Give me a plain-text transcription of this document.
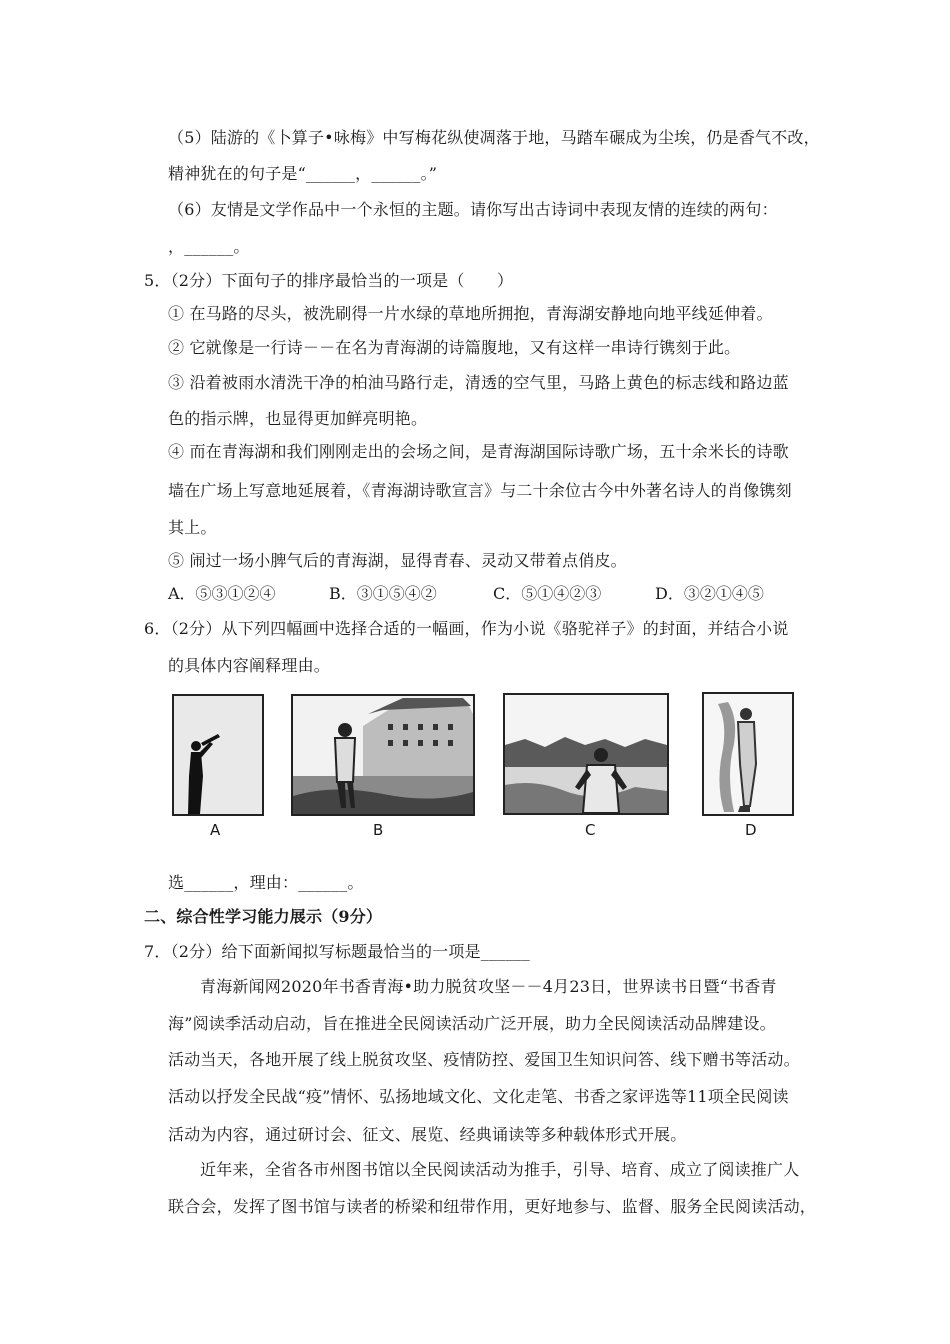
（5）陆游的《卜算子•咏梅》中写梅花纵使凋落于地，马踏车碾成为尘埃，仍是香气不改，
精神犹在的句子是“______，______。”
（6）友情是文学作品中一个永恒的主题。请你写出古诗词中表现友情的连续的两句：
，______。
5．（2分）下面句子的排序最恰当的一项是（　　）
① 在马路的尽头，被洗刷得一片水绿的草地所拥抱，青海湖安静地向地平线延伸着。
② 它就像是一行诗－－在名为青海湖的诗篇腹地，又有这样一串诗行镌刻于此。
③ 沿着被雨水清洗干净的柏油马路行走，清透的空气里，马路上黄色的标志线和路边蓝
色的指示牌，也显得更加鲜亮明艳。
④ 而在青海湖和我们刚刚走出的会场之间，是青海湖国际诗歌广场，五十余米长的诗歌
墙在广场上写意地延展着，《青海湖诗歌宣言》与二十余位古今中外著名诗人的肖像镌刻
其上。
⑤ 闹过一场小脾气后的青海湖，显得青春、灵动又带着点俏皮。
A．⑤③①②④	B．③①⑤④②	C．⑤①④②③	D．③②①④⑤
6．（2分）从下列四幅画中选择合适的一幅画，作为小说《骆驼祥子》的封面，并结合小说
的具体内容阐释理由。
A	B	C	D
选______，理由：______。
二、综合性学习能力展示（9分）
7．（2分）给下面新闻拟写标题最恰当的一项是______
青海新闻网2020年书香青海•助力脱贫攻坚－－4月23日，世界读书日暨“书香青
海”阅读季活动启动，旨在推进全民阅读活动广泛开展，助力全民阅读活动品牌建设。
活动当天，各地开展了线上脱贫攻坚、疫情防控、爱国卫生知识问答、线下赠书等活动。
活动以抒发全民战“疫”情怀、弘扬地域文化、文化走笔、书香之家评选等11项全民阅读
活动为内容，通过研讨会、征文、展览、经典诵读等多种载体形式开展。
近年来，全省各市州图书馆以全民阅读活动为推手，引导、培育、成立了阅读推广人
联合会，发挥了图书馆与读者的桥梁和纽带作用，更好地参与、监督、服务全民阅读活动，
